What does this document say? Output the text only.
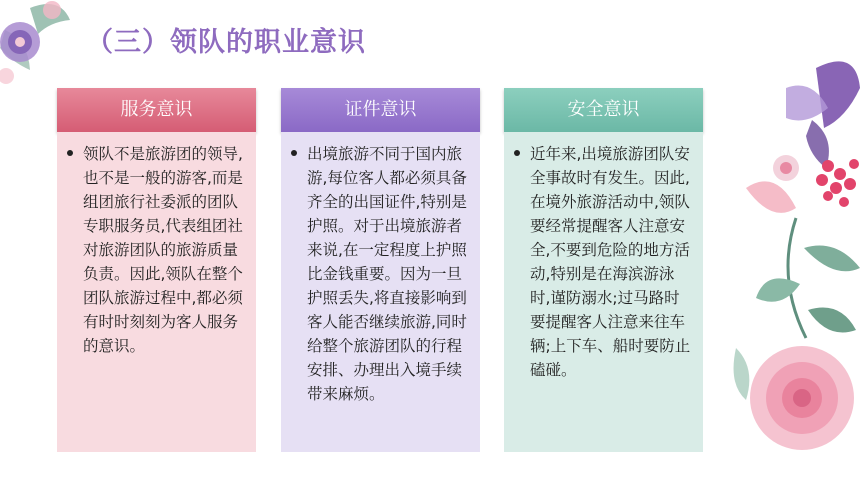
（三）领队的职业意识
服务意识
领队不是旅游团的领导,也不是一般的游客,而是组团旅行社委派的团队专职服务员,代表组团社对旅游团队的旅游质量负责。因此,领队在整个团队旅游过程中,都必须有时时刻刻为客人服务的意识。
证件意识
出境旅游不同于国内旅游,每位客人都必须具备齐全的出国证件,特别是护照。对于出境旅游者来说,在一定程度上护照比金钱重要。因为一旦护照丢失,将直接影响到客人能否继续旅游,同时给整个旅游团队的行程安排、办理出入境手续带来麻烦。
安全意识
近年来,出境旅游团队安全事故时有发生。因此,在境外旅游活动中,领队要经常提醒客人注意安全,不要到危险的地方活动,特别是在海滨游泳时,谨防溺水;过马路时要提醒客人注意来往车辆;上下车、船时要防止磕碰。
